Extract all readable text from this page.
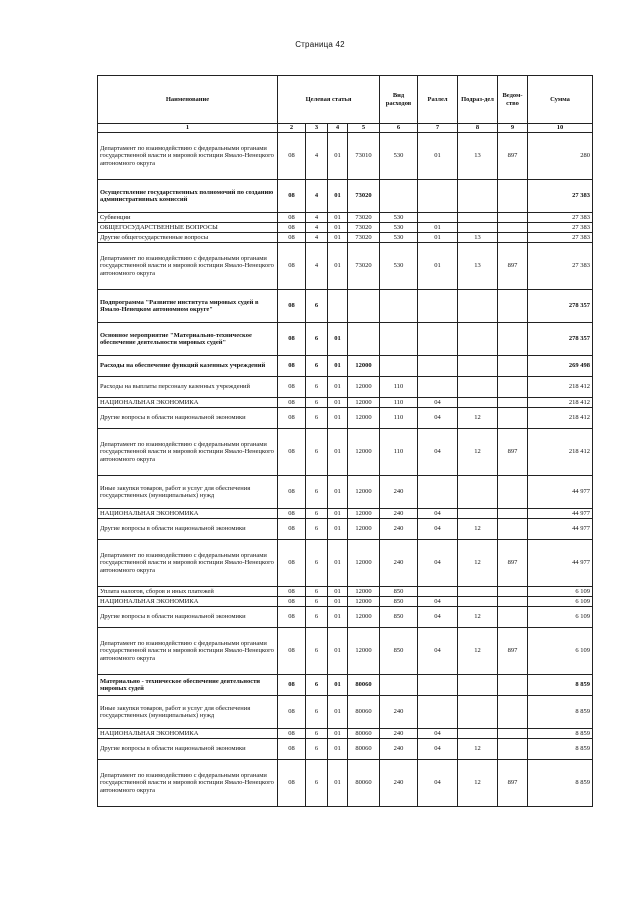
Страница 42
Наименование	Целевая статья				Вид расходов	Разлел	Подраз-дел	Ведом-ство	Сумма
1	2	3	4	5	6	7	8	9	10
Департамент по взаимодействию с федеральными органами государственной власти и мировой юстиции Ямало-Ненецкого автономного округа	08	4	01	73010	530	01	13	897	280
Осуществление государственных полномочий по созданию административных комиссий	08	4	01	73020					27 383
Субвенции	08	4	01	73020	530				27 383
ОБЩЕГОСУДАРСТВЕННЫЕ ВОПРОСЫ	08	4	01	73020	530	01			27 383
Другие общегосударственные вопросы	08	4	01	73020	530	01	13		27 383
Департамент по взаимодействию с федеральными органами государственной власти и мировой юстиции Ямало-Ненецкого автономного округа	08	4	01	73020	530	01	13	897	27 383
Подпрограмма "Развитие института мировых судей в Ямало-Ненецком автономном округе"	08	6							278 357
Основное мероприятие "Материально-техническое обеспечение деятельности мировых судей"	08	6	01						278 357
Расходы на обеспечение функций казенных учреждений	08	6	01	12000					269 498
Расходы на выплаты персоналу казенных учреждений	08	6	01	12000	110				218 412
НАЦИОНАЛЬНАЯ ЭКОНОМИКА	08	6	01	12000	110	04			218 412
Другие вопросы в области национальной экономики	08	6	01	12000	110	04	12		218 412
Департамент по взаимодействию с федеральными органами государственной власти и мировой юстиции Ямало-Ненецкого автономного округа	08	6	01	12000	110	04	12	897	218 412
Иные закупки товаров, работ и услуг для обеспечения государственных (муниципальных) нужд	08	6	01	12000	240				44 977
НАЦИОНАЛЬНАЯ ЭКОНОМИКА	08	6	01	12000	240	04			44 977
Другие вопросы в области национальной экономики	08	6	01	12000	240	04	12		44 977
Департамент по взаимодействию с федеральными органами государственной власти и мировой юстиции Ямало-Ненецкого автономного округа	08	6	01	12000	240	04	12	897	44 977
Уплата налогов, сборов и иных платежей	08	6	01	12000	850				6 109
НАЦИОНАЛЬНАЯ ЭКОНОМИКА	08	6	01	12000	850	04			6 109
Другие вопросы в области национальной экономики	08	6	01	12000	850	04	12		6 109
Департамент по взаимодействию с федеральными органами государственной власти и мировой юстиции Ямало-Ненецкого автономного округа	08	6	01	12000	850	04	12	897	6 109
Материально - техническое обеспечение деятельности мировых судей	08	6	01	80060					8 859
Иные закупки товаров, работ и услуг для обеспечения государственных (муниципальных) нужд	08	6	01	80060	240				8 859
НАЦИОНАЛЬНАЯ ЭКОНОМИКА	08	6	01	80060	240	04			8 859
Другие вопросы в области национальной экономики	08	6	01	80060	240	04	12		8 859
Департамент по взаимодействию с федеральными органами государственной власти и мировой юстиции Ямало-Ненецкого автономного округа	08	6	01	80060	240	04	12	897	8 859
